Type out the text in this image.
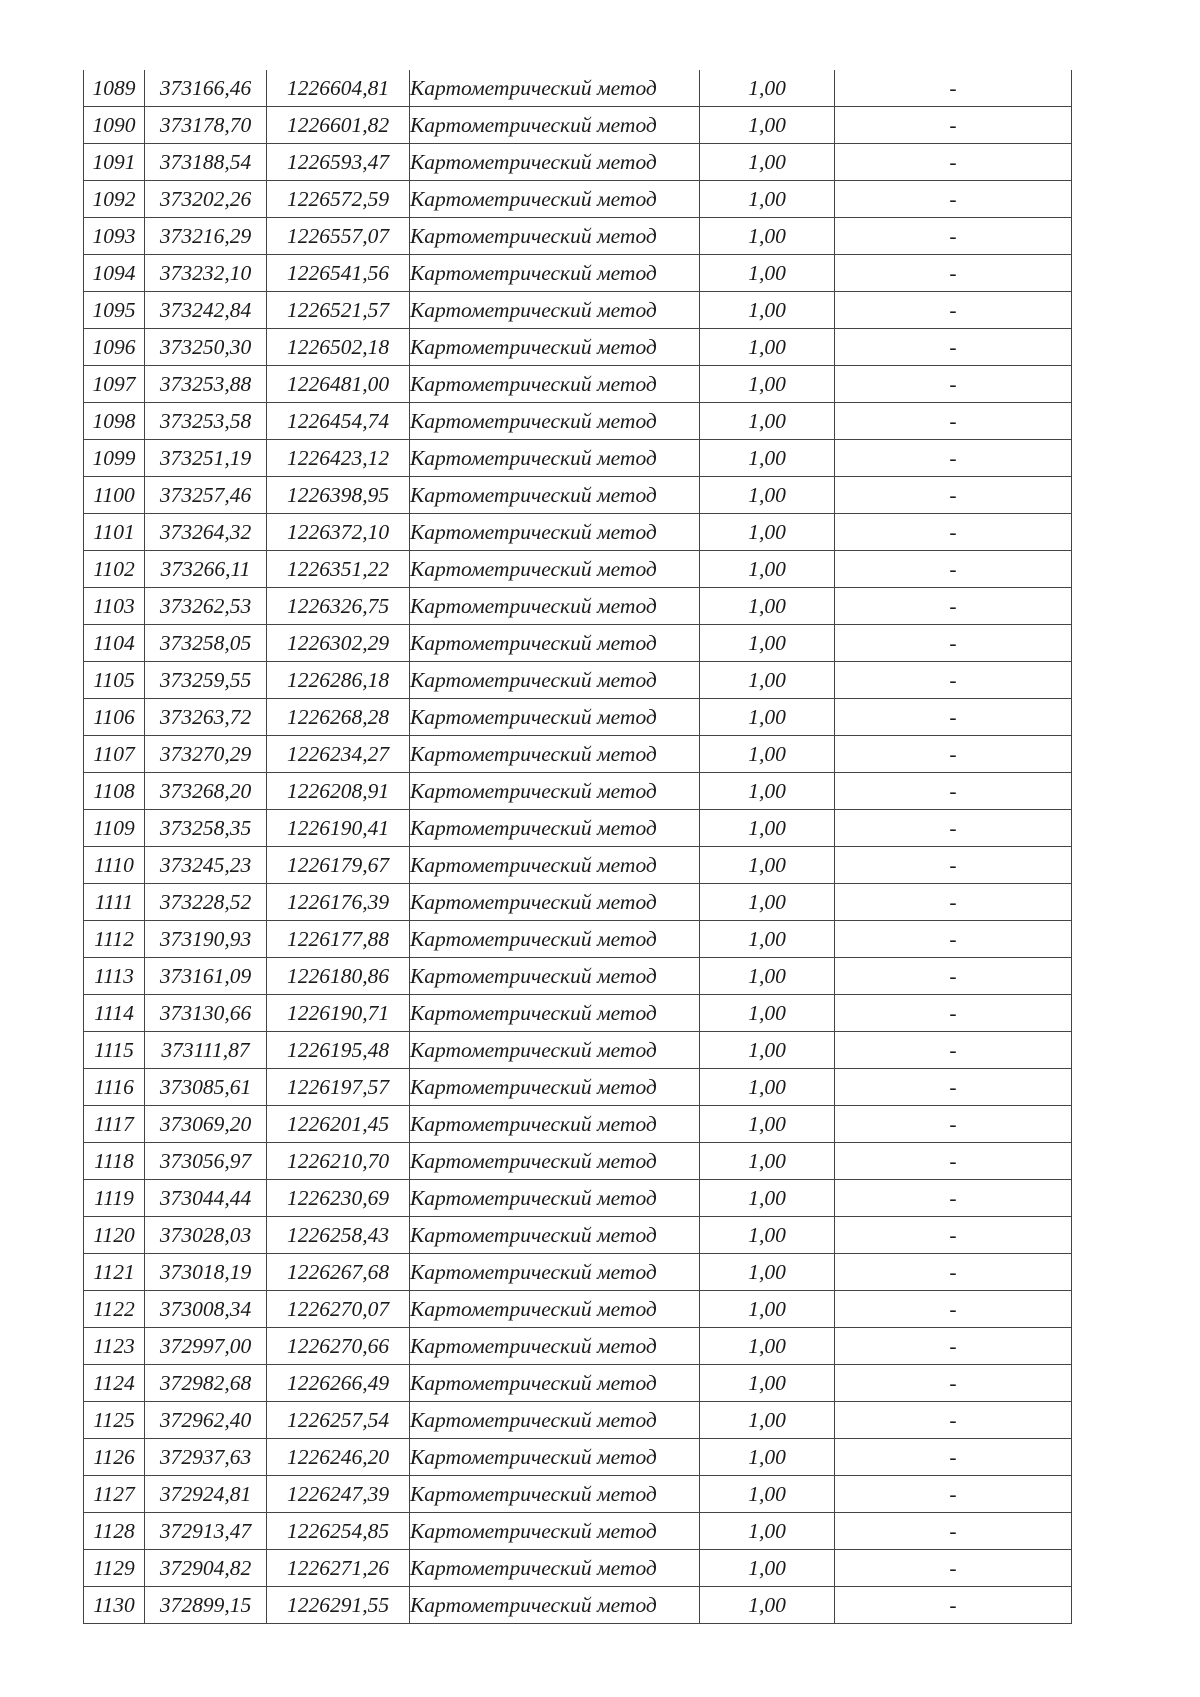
1089	373166,46	1226604,81	Картометрический метод	1,00	-
1090	373178,70	1226601,82	Картометрический метод	1,00	-
1091	373188,54	1226593,47	Картометрический метод	1,00	-
1092	373202,26	1226572,59	Картометрический метод	1,00	-
1093	373216,29	1226557,07	Картометрический метод	1,00	-
1094	373232,10	1226541,56	Картометрический метод	1,00	-
1095	373242,84	1226521,57	Картометрический метод	1,00	-
1096	373250,30	1226502,18	Картометрический метод	1,00	-
1097	373253,88	1226481,00	Картометрический метод	1,00	-
1098	373253,58	1226454,74	Картометрический метод	1,00	-
1099	373251,19	1226423,12	Картометрический метод	1,00	-
1100	373257,46	1226398,95	Картометрический метод	1,00	-
1101	373264,32	1226372,10	Картометрический метод	1,00	-
1102	373266,11	1226351,22	Картометрический метод	1,00	-
1103	373262,53	1226326,75	Картометрический метод	1,00	-
1104	373258,05	1226302,29	Картометрический метод	1,00	-
1105	373259,55	1226286,18	Картометрический метод	1,00	-
1106	373263,72	1226268,28	Картометрический метод	1,00	-
1107	373270,29	1226234,27	Картометрический метод	1,00	-
1108	373268,20	1226208,91	Картометрический метод	1,00	-
1109	373258,35	1226190,41	Картометрический метод	1,00	-
1110	373245,23	1226179,67	Картометрический метод	1,00	-
1111	373228,52	1226176,39	Картометрический метод	1,00	-
1112	373190,93	1226177,88	Картометрический метод	1,00	-
1113	373161,09	1226180,86	Картометрический метод	1,00	-
1114	373130,66	1226190,71	Картометрический метод	1,00	-
1115	373111,87	1226195,48	Картометрический метод	1,00	-
1116	373085,61	1226197,57	Картометрический метод	1,00	-
1117	373069,20	1226201,45	Картометрический метод	1,00	-
1118	373056,97	1226210,70	Картометрический метод	1,00	-
1119	373044,44	1226230,69	Картометрический метод	1,00	-
1120	373028,03	1226258,43	Картометрический метод	1,00	-
1121	373018,19	1226267,68	Картометрический метод	1,00	-
1122	373008,34	1226270,07	Картометрический метод	1,00	-
1123	372997,00	1226270,66	Картометрический метод	1,00	-
1124	372982,68	1226266,49	Картометрический метод	1,00	-
1125	372962,40	1226257,54	Картометрический метод	1,00	-
1126	372937,63	1226246,20	Картометрический метод	1,00	-
1127	372924,81	1226247,39	Картометрический метод	1,00	-
1128	372913,47	1226254,85	Картометрический метод	1,00	-
1129	372904,82	1226271,26	Картометрический метод	1,00	-
1130	372899,15	1226291,55	Картометрический метод	1,00	-
